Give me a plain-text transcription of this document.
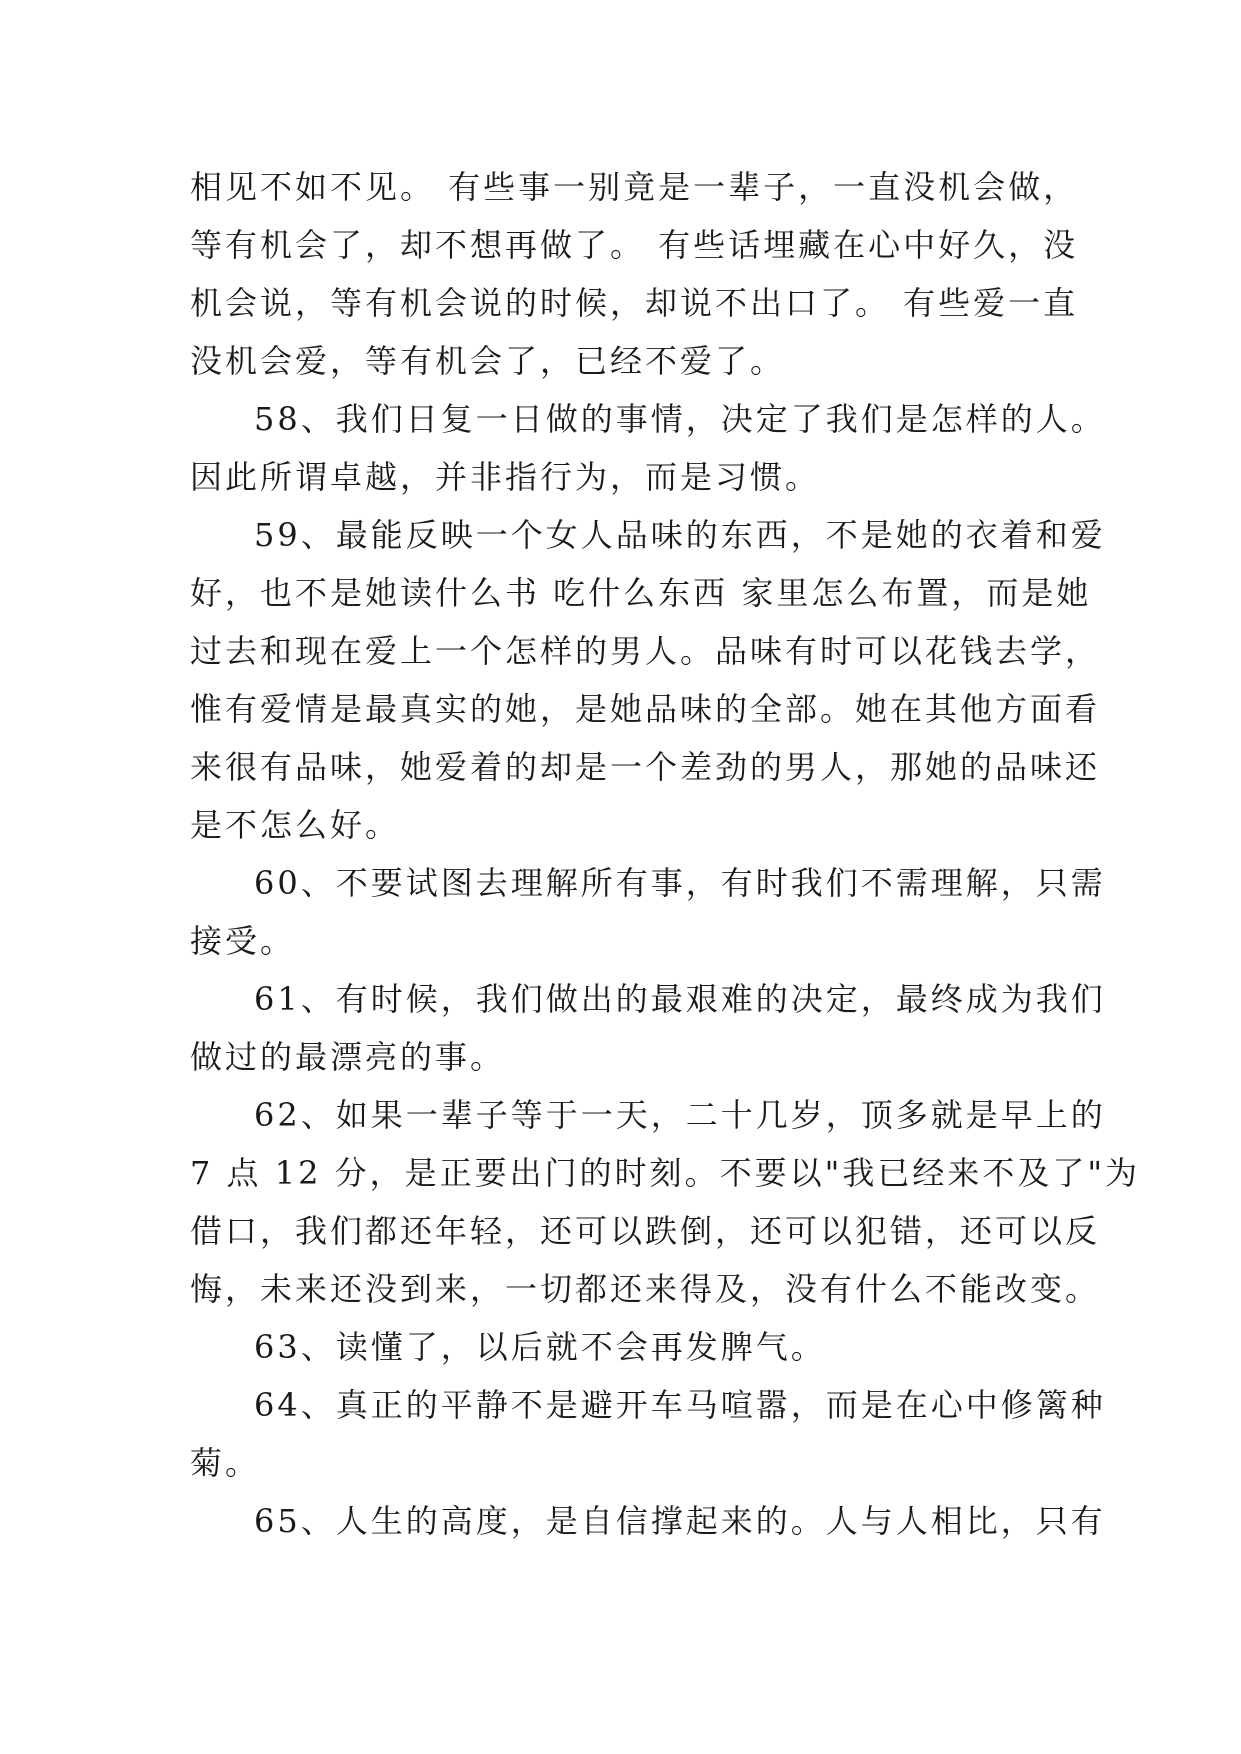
相见不如不见。 有些事一别竟是一辈子，一直没机会做，
等有机会了，却不想再做了。 有些话埋藏在心中好久，没
机会说，等有机会说的时候，却说不出口了。 有些爱一直
没机会爱，等有机会了，已经不爱了。
58、我们日复一日做的事情，决定了我们是怎样的人。
因此所谓卓越，并非指行为，而是习惯。
59、最能反映一个女人品味的东西，不是她的衣着和爱
好，也不是她读什么书 吃什么东西 家里怎么布置，而是她
过去和现在爱上一个怎样的男人。品味有时可以花钱去学，
惟有爱情是最真实的她，是她品味的全部。她在其他方面看
来很有品味，她爱着的却是一个差劲的男人，那她的品味还
是不怎么好。
60、不要试图去理解所有事，有时我们不需理解，只需
接受。
61、有时候，我们做出的最艰难的决定，最终成为我们
做过的最漂亮的事。
62、如果一辈子等于一天，二十几岁，顶多就是早上的
7 点 12 分，是正要出门的时刻。不要以"我已经来不及了"为
借口，我们都还年轻，还可以跌倒，还可以犯错，还可以反
悔，未来还没到来，一切都还来得及，没有什么不能改变。
63、读懂了，以后就不会再发脾气。
64、真正的平静不是避开车马喧嚣，而是在心中修篱种
菊。
65、人生的高度，是自信撑起来的。人与人相比，只有
